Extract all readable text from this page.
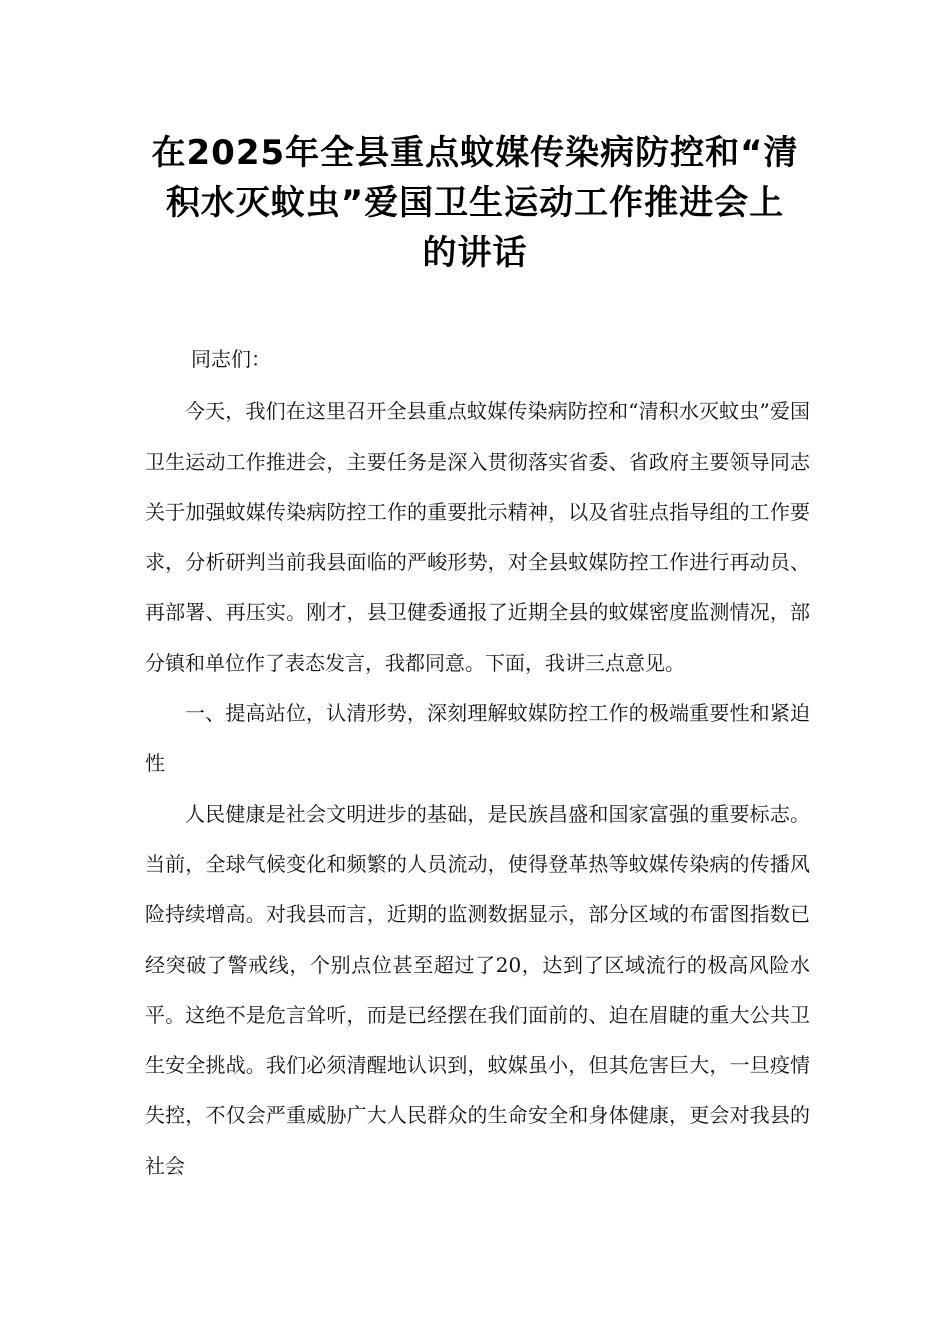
在2025年全县重点蚊媒传染病防控和“清
积水灭蚊虫”爱国卫生运动工作推进会上
的讲话

同志们：

今天，我们在这里召开全县重点蚊媒传染病防控和“清积水灭蚊虫”爱国卫生运动工作推进会，主要任务是深入贯彻落实省委、省政府主要领导同志关于加强蚊媒传染病防控工作的重要批示精神，以及省驻点指导组的工作要求，分析研判当前我县面临的严峻形势，对全县蚊媒防控工作进行再动员、再部署、再压实。刚才，县卫健委通报了近期全县的蚊媒密度监测情况，部分镇和单位作了表态发言，我都同意。下面，我讲三点意见。

一、提高站位，认清形势，深刻理解蚊媒防控工作的极端重要性和紧迫性

人民健康是社会文明进步的基础，是民族昌盛和国家富强的重要标志。当前，全球气候变化和频繁的人员流动，使得登革热等蚊媒传染病的传播风险持续增高。对我县而言，近期的监测数据显示，部分区域的布雷图指数已经突破了警戒线，个别点位甚至超过了20，达到了区域流行的极高风险水平。这绝不是危言耸听，而是已经摆在我们面前的、迫在眉睫的重大公共卫生安全挑战。我们必须清醒地认识到，蚊媒虽小，但其危害巨大，一旦疫情失控，不仅会严重威胁广大人民群众的生命安全和身体健康，更会对我县的社会
